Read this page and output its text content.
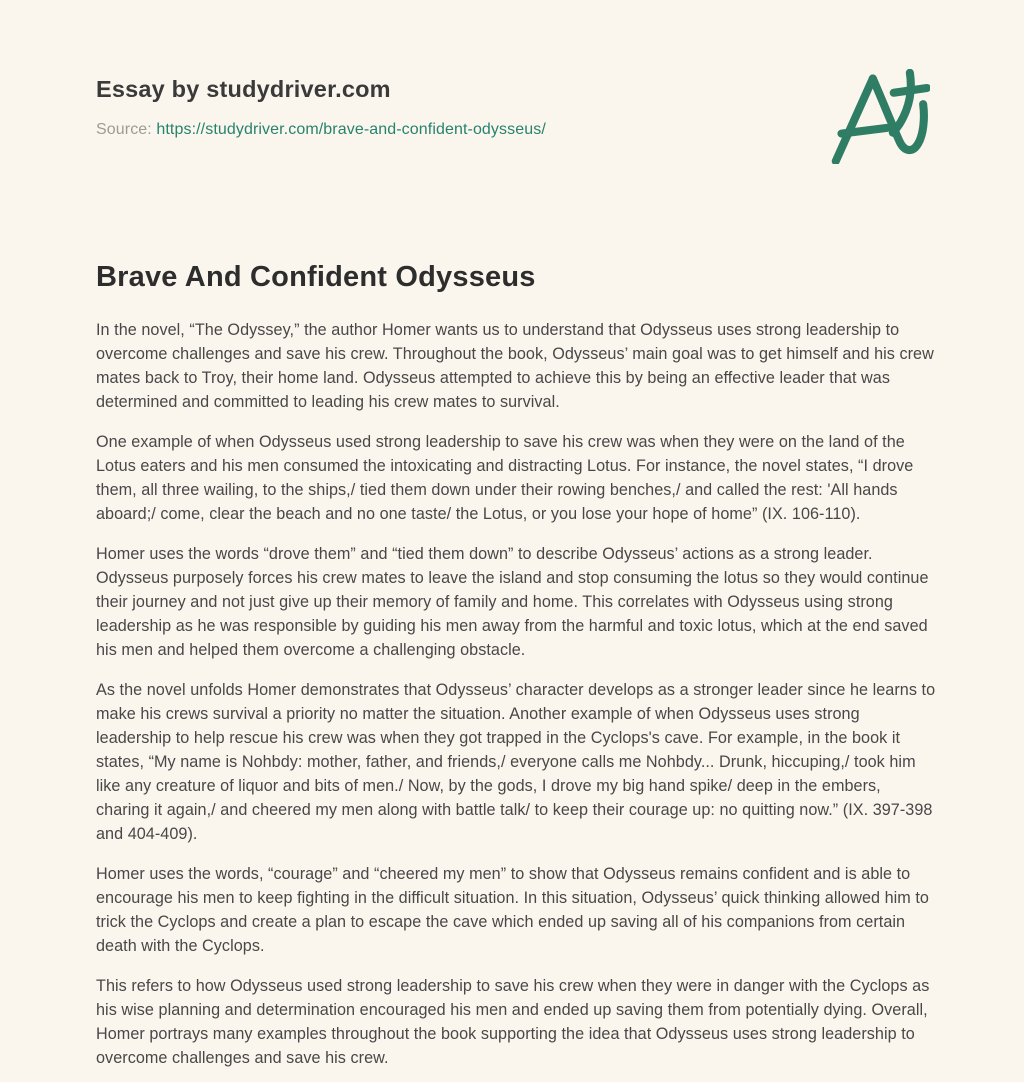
Essay by studydriver.com
Source: https://studydriver.com/brave-and-confident-odysseus/
Brave And Confident Odysseus

In the novel, “The Odyssey,” the author Homer wants us to understand that Odysseus uses strong leadership to overcome challenges and save his crew. Throughout the book, Odysseus’ main goal was to get himself and his crew mates back to Troy, their home land. Odysseus attempted to achieve this by being an effective leader that was determined and committed to leading his crew mates to survival.

One example of when Odysseus used strong leadership to save his crew was when they were on the land of the Lotus eaters and his men consumed the intoxicating and distracting Lotus. For instance, the novel states, “I drove them, all three wailing, to the ships,/ tied them down under their rowing benches,/ and called the rest: 'All hands aboard;/ come, clear the beach and no one taste/ the Lotus, or you lose your hope of home” (IX. 106-110).

Homer uses the words “drove them” and “tied them down” to describe Odysseus’ actions as a strong leader. Odysseus purposely forces his crew mates to leave the island and stop consuming the lotus so they would continue their journey and not just give up their memory of family and home. This correlates with Odysseus using strong leadership as he was responsible by guiding his men away from the harmful and toxic lotus, which at the end saved his men and helped them overcome a challenging obstacle.

As the novel unfolds Homer demonstrates that Odysseus’ character develops as a stronger leader since he learns to make his crews survival a priority no matter the situation. Another example of when Odysseus uses strong leadership to help rescue his crew was when they got trapped in the Cyclops's cave. For example, in the book it states, “My name is Nohbdy: mother, father, and friends,/ everyone calls me Nohbdy... Drunk, hiccuping,/ took him like any creature of liquor and bits of men./ Now, by the gods, I drove my big hand spike/ deep in the embers, charing it again,/ and cheered my men along with battle talk/ to keep their courage up: no quitting now.” (IX. 397-398 and 404-409).

Homer uses the words, “courage” and “cheered my men” to show that Odysseus remains confident and is able to encourage his men to keep fighting in the difficult situation. In this situation, Odysseus’ quick thinking allowed him to trick the Cyclops and create a plan to escape the cave which ended up saving all of his companions from certain death with the Cyclops.

This refers to how Odysseus used strong leadership to save his crew when they were in danger with the Cyclops as his wise planning and determination encouraged his men and ended up saving them from potentially dying. Overall, Homer portrays many examples throughout the book supporting the idea that Odysseus uses strong leadership to overcome challenges and save his crew.
